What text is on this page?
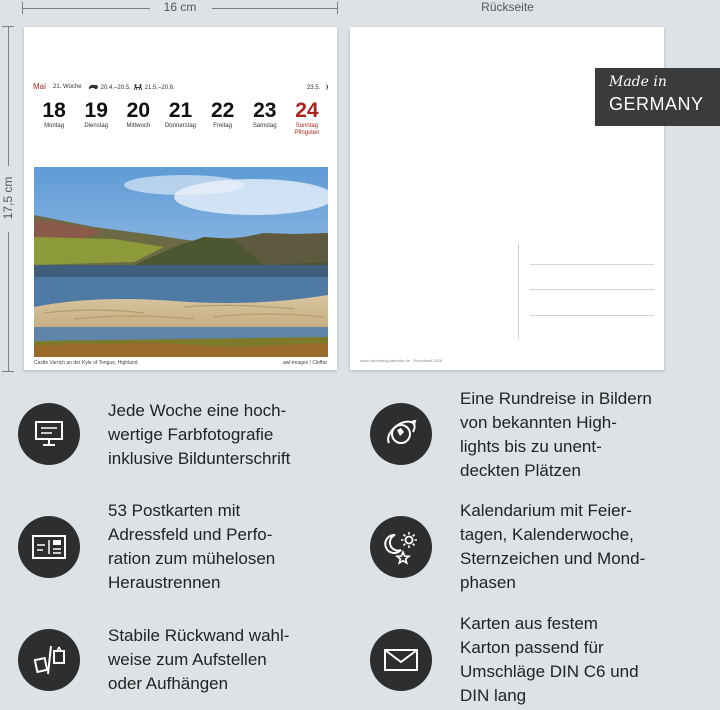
16 cm	Rückseite
17,5 cm
Mai 21. Woche	20.4.–20.5.	21.5.–20.6.	23.5.
18
Montag
19
Dienstag
20
Mittwoch
21
Donnerstag
22
Freitag
23
Samstag
24
Sonntag
Pfingsten
Castle Varrich an der Kyle of Tongue, Highland	awl-images / Cleffar	www.harenberg-kalender.de · Schottland 2026
Made in
GERMANY
Jede Woche eine hoch-
wertige Farbfotografie
inklusive Bildunterschrift
Eine Rundreise in Bildern
von bekannten High-
lights bis zu unent-
deckten Plätzen
53 Postkarten mit
Adressfeld und Perfo-
ration zum mühelosen
Heraustrennen
Kalendarium mit Feier-
tagen, Kalenderwoche,
Sternzeichen und Mond-
phasen
Stabile Rückwand wahl-
weise zum Aufstellen
oder Aufhängen
Karten aus festem
Karton passend für
Umschläge DIN C6 und
DIN lang
